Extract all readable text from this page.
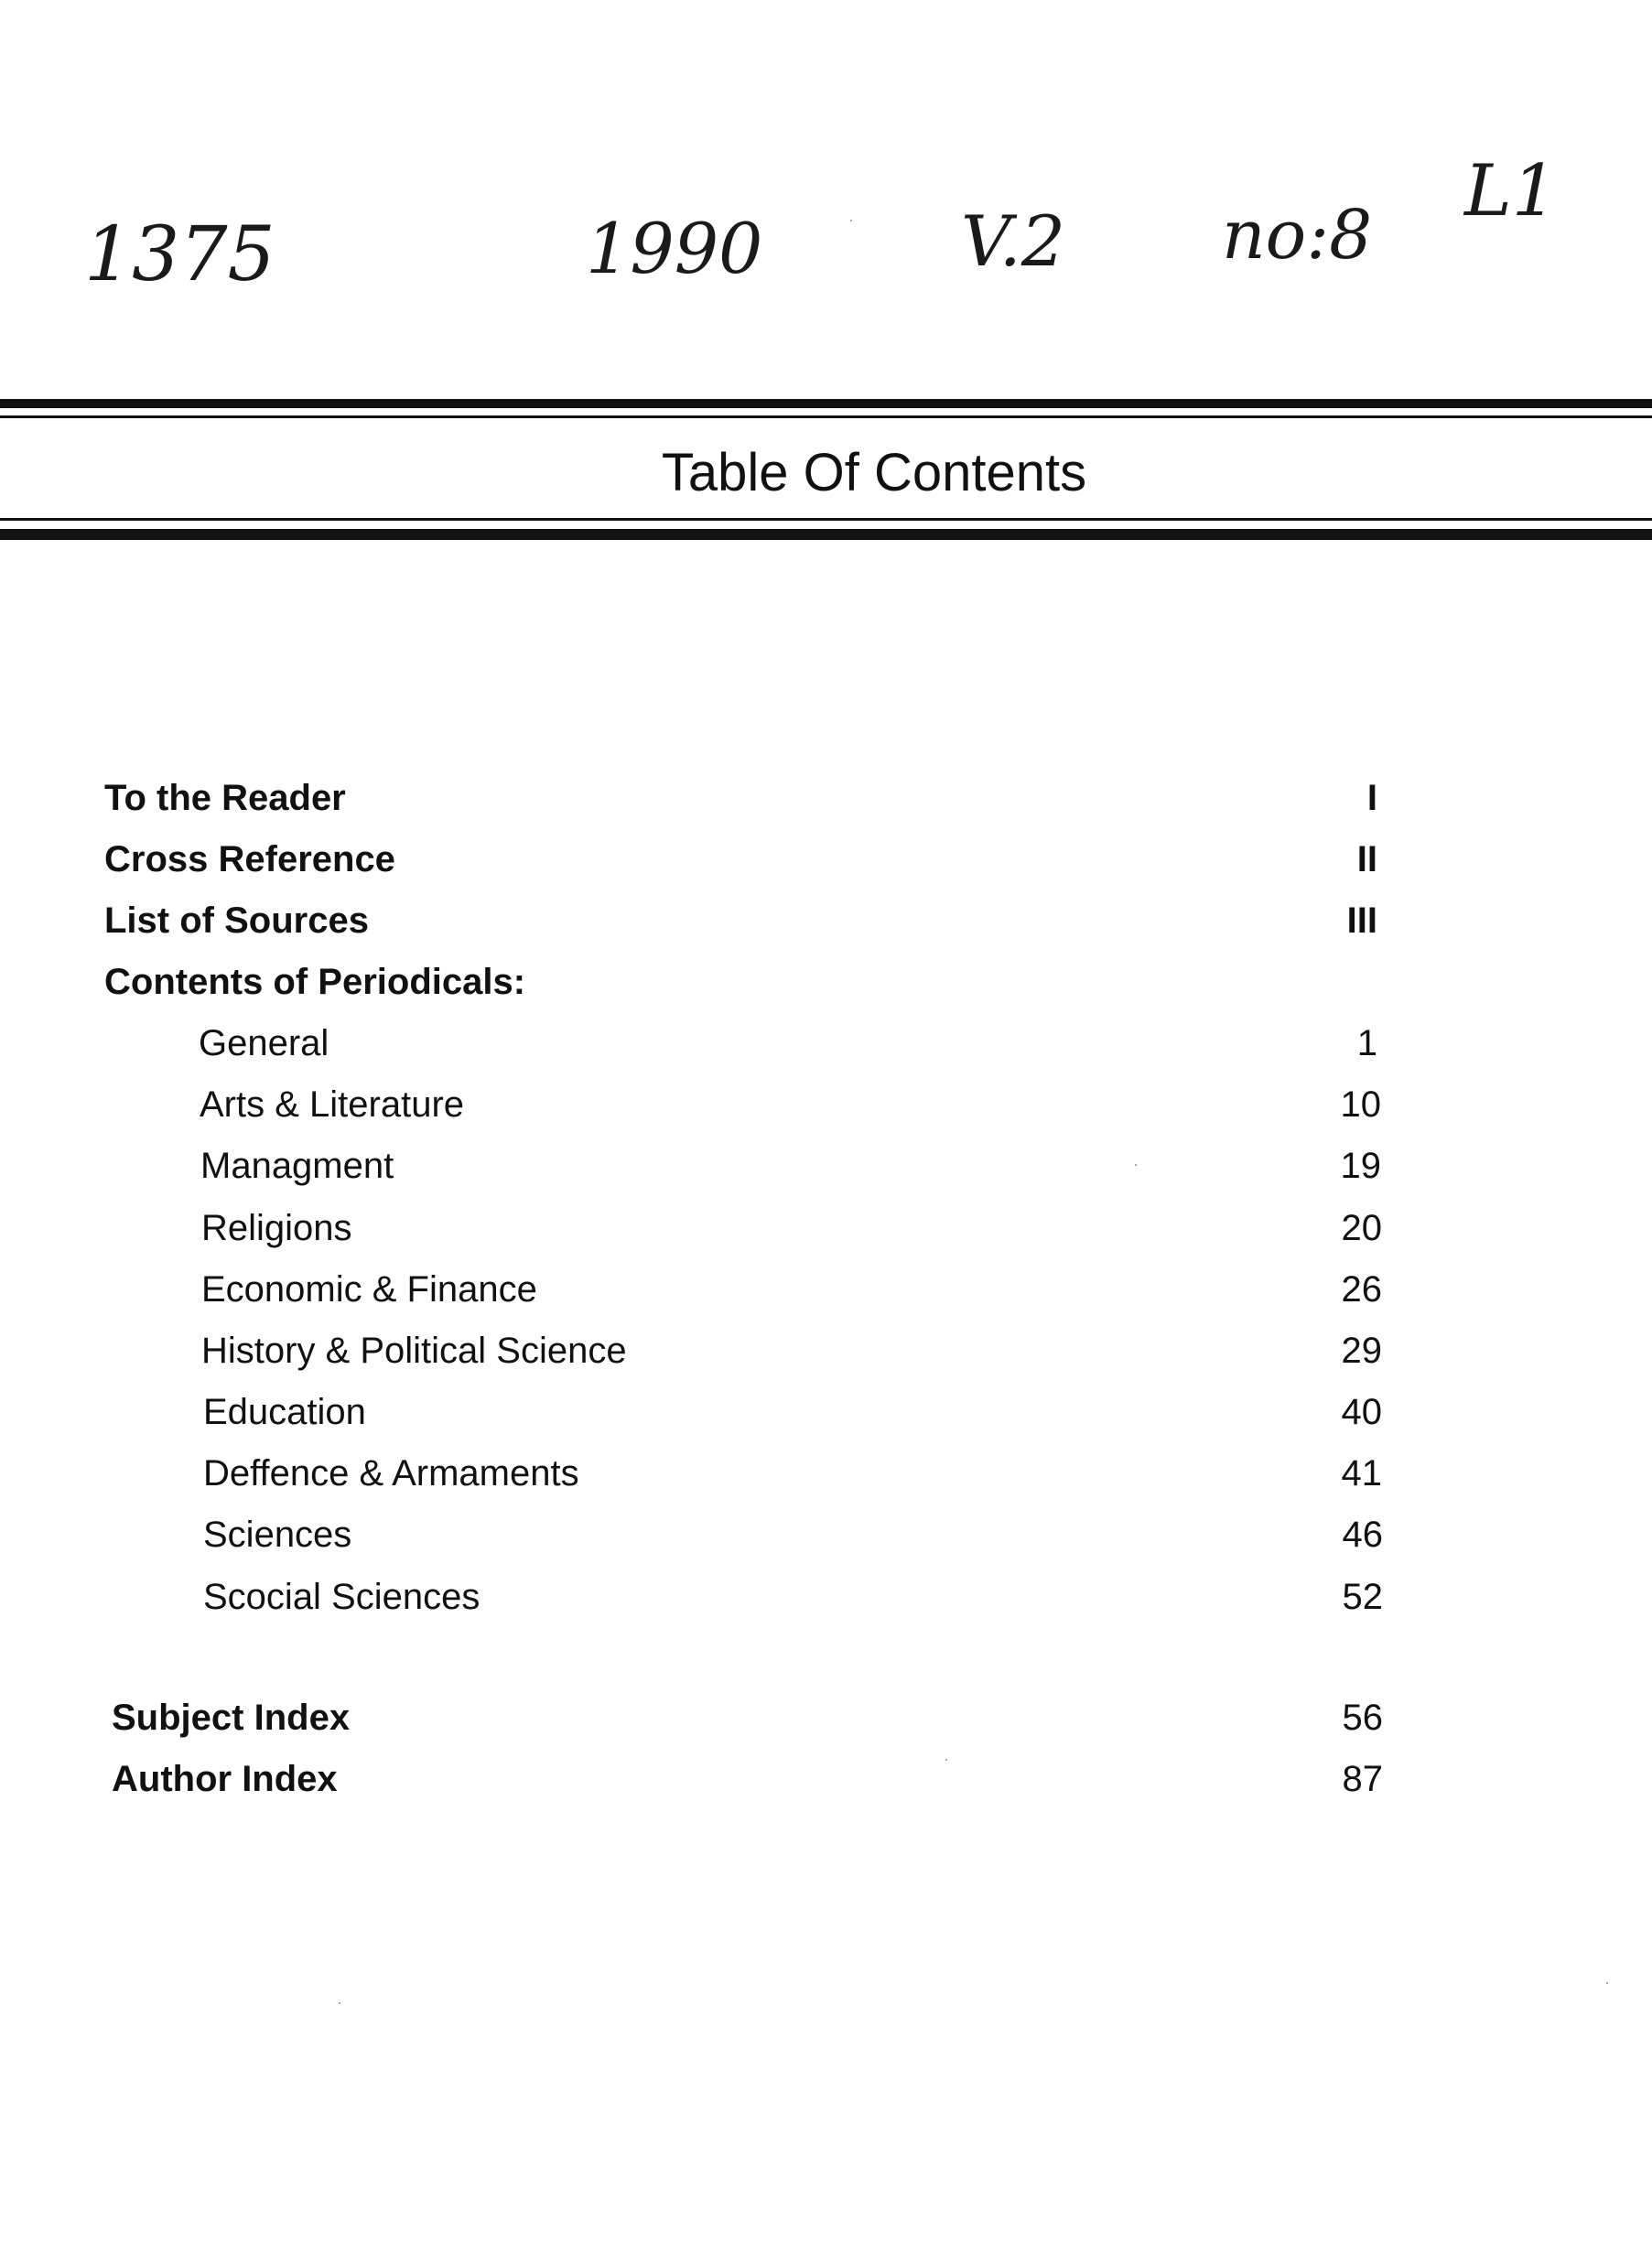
1375	1990	V.2 no:8
L1
Table Of Contents
To the Reader	I
Cross Reference	II
List of Sources	III
Contents of Periodicals:
General	1
Arts & Literature	10
Managment	19
Religions	20
Economic & Finance	26
History & Political Science	29
Education	40
Deffence & Armaments	41
Sciences	46
Scocial Sciences	52
Subject Index	56
Author Index	87
